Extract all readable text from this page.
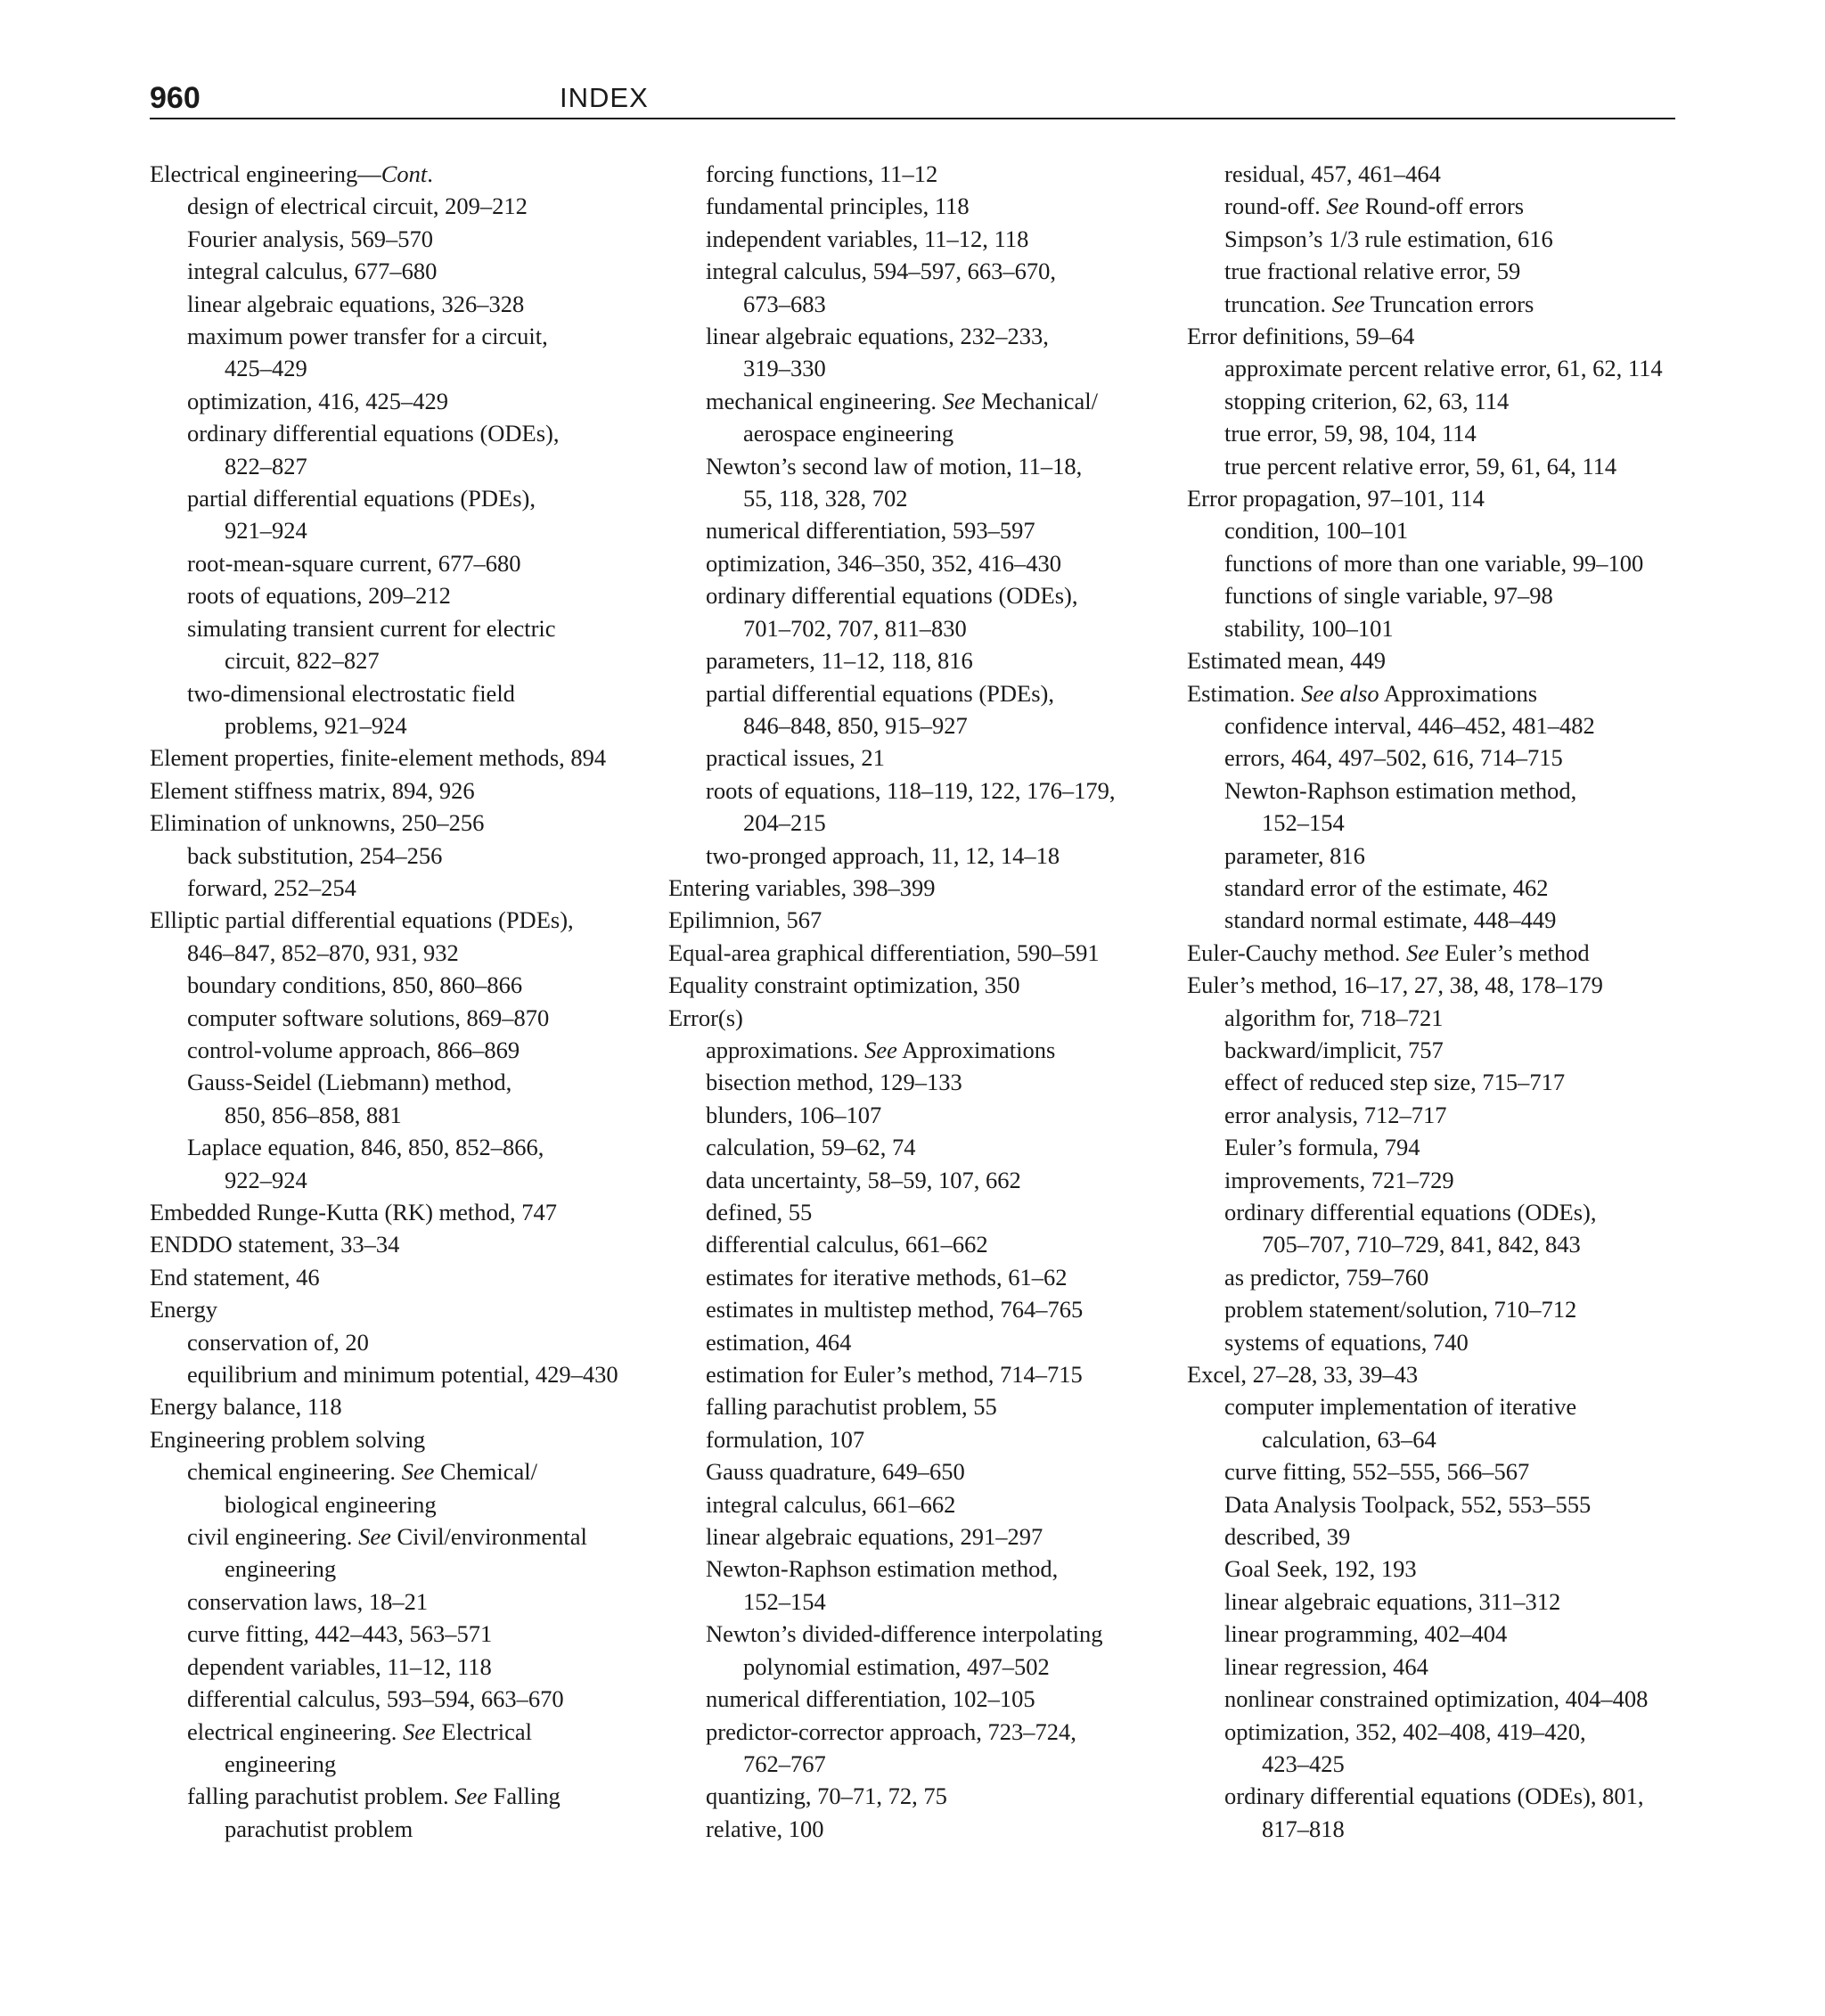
960	INDEX

Electrical engineering—Cont.

design of electrical circuit, 209–212

Fourier analysis, 569–570

integral calculus, 677–680

linear algebraic equations, 326–328

maximum power transfer for a circuit,
425–429

optimization, 416, 425–429

ordinary differential equations (ODEs),
822–827

partial differential equations (PDEs),
921–924

root-mean-square current, 677–680

roots of equations, 209–212

simulating transient current for electric
circuit, 822–827

two-dimensional electrostatic field
problems, 921–924

Element properties, finite-element methods, 894

Element stiffness matrix, 894, 926

Elimination of unknowns, 250–256

back substitution, 254–256

forward, 252–254

Elliptic partial differential equations (PDEs),
846–847, 852–870, 931, 932

boundary conditions, 850, 860–866

computer software solutions, 869–870

control-volume approach, 866–869

Gauss-Seidel (Liebmann) method,
850, 856–858, 881

Laplace equation, 846, 850, 852–866,
922–924

Embedded Runge-Kutta (RK) method, 747

ENDDO statement, 33–34

End statement, 46

Energy

conservation of, 20

equilibrium and minimum potential, 429–430

Energy balance, 118

Engineering problem solving

chemical engineering. See Chemical/
biological engineering

civil engineering. See Civil/environmental
engineering

conservation laws, 18–21

curve fitting, 442–443, 563–571

dependent variables, 11–12, 118

differential calculus, 593–594, 663–670

electrical engineering. See Electrical
engineering

falling parachutist problem. See Falling
parachutist problem

forcing functions, 11–12

fundamental principles, 118

independent variables, 11–12, 118

integral calculus, 594–597, 663–670,
673–683

linear algebraic equations, 232–233,
319–330

mechanical engineering. See Mechanical/
aerospace engineering

Newton’s second law of motion, 11–18,
55, 118, 328, 702

numerical differentiation, 593–597

optimization, 346–350, 352, 416–430

ordinary differential equations (ODEs),
701–702, 707, 811–830

parameters, 11–12, 118, 816

partial differential equations (PDEs),
846–848, 850, 915–927

practical issues, 21

roots of equations, 118–119, 122, 176–179,
204–215

two-pronged approach, 11, 12, 14–18

Entering variables, 398–399

Epilimnion, 567

Equal-area graphical differentiation, 590–591

Equality constraint optimization, 350

Error(s)

approximations. See Approximations

bisection method, 129–133

blunders, 106–107

calculation, 59–62, 74

data uncertainty, 58–59, 107, 662

defined, 55

differential calculus, 661–662

estimates for iterative methods, 61–62

estimates in multistep method, 764–765

estimation, 464

estimation for Euler’s method, 714–715

falling parachutist problem, 55

formulation, 107

Gauss quadrature, 649–650

integral calculus, 661–662

linear algebraic equations, 291–297

Newton-Raphson estimation method,
152–154

Newton’s divided-difference interpolating
polynomial estimation, 497–502

numerical differentiation, 102–105

predictor-corrector approach, 723–724,
762–767

quantizing, 70–71, 72, 75

relative, 100

residual, 457, 461–464

round-off. See Round-off errors

Simpson’s 1/3 rule estimation, 616

true fractional relative error, 59

truncation. See Truncation errors

Error definitions, 59–64

approximate percent relative error, 61, 62, 114

stopping criterion, 62, 63, 114

true error, 59, 98, 104, 114

true percent relative error, 59, 61, 64, 114

Error propagation, 97–101, 114

condition, 100–101

functions of more than one variable, 99–100

functions of single variable, 97–98

stability, 100–101

Estimated mean, 449

Estimation. See also Approximations

confidence interval, 446–452, 481–482

errors, 464, 497–502, 616, 714–715

Newton-Raphson estimation method,
152–154

parameter, 816

standard error of the estimate, 462

standard normal estimate, 448–449

Euler-Cauchy method. See Euler’s method

Euler’s method, 16–17, 27, 38, 48, 178–179

algorithm for, 718–721

backward/implicit, 757

effect of reduced step size, 715–717

error analysis, 712–717

Euler’s formula, 794

improvements, 721–729

ordinary differential equations (ODEs),
705–707, 710–729, 841, 842, 843

as predictor, 759–760

problem statement/solution, 710–712

systems of equations, 740

Excel, 27–28, 33, 39–43

computer implementation of iterative
calculation, 63–64

curve fitting, 552–555, 566–567

Data Analysis Toolpack, 552, 553–555

described, 39

Goal Seek, 192, 193

linear algebraic equations, 311–312

linear programming, 402–404

linear regression, 464

nonlinear constrained optimization, 404–408

optimization, 352, 402–408, 419–420,
423–425

ordinary differential equations (ODEs), 801,
817–818
